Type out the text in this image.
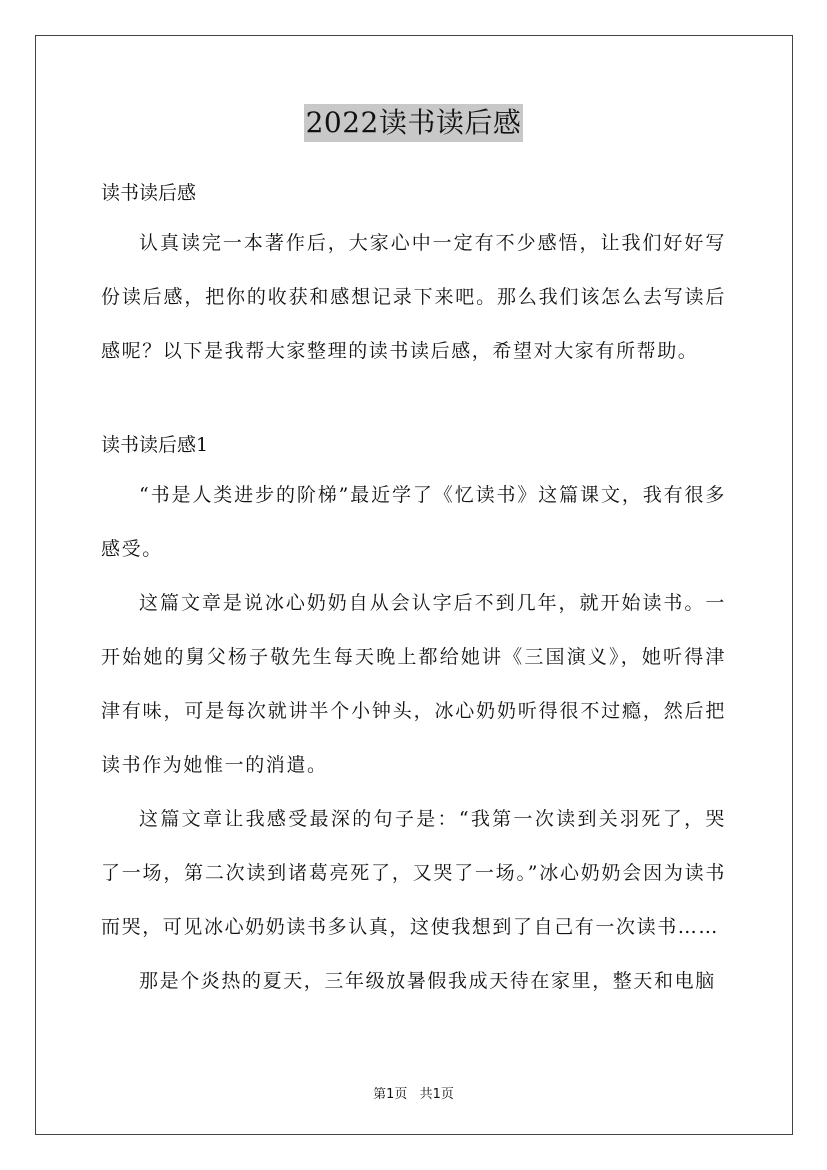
2022读书读后感

读书读后感

认真读完一本著作后，大家心中一定有不少感悟，让我们好好写份读后感，把你的收获和感想记录下来吧。那么我们该怎么去写读后感呢？以下是我帮大家整理的读书读后感，希望对大家有所帮助。

读书读后感1

“书是人类进步的阶梯”最近学了《忆读书》这篇课文，我有很多感受。

这篇文章是说冰心奶奶自从会认字后不到几年，就开始读书。一开始她的舅父杨子敬先生每天晚上都给她讲《三国演义》，她听得津津有味，可是每次就讲半个小钟头，冰心奶奶听得很不过瘾，然后把读书作为她惟一的消遣。

这篇文章让我感受最深的句子是：“我第一次读到关羽死了，哭了一场，第二次读到诸葛亮死了，又哭了一场。”冰心奶奶会因为读书而哭，可见冰心奶奶读书多认真，这使我想到了自己有一次读书……

那是个炎热的夏天，三年级放暑假我成天待在家里，整天和电脑

第1页 共1页
